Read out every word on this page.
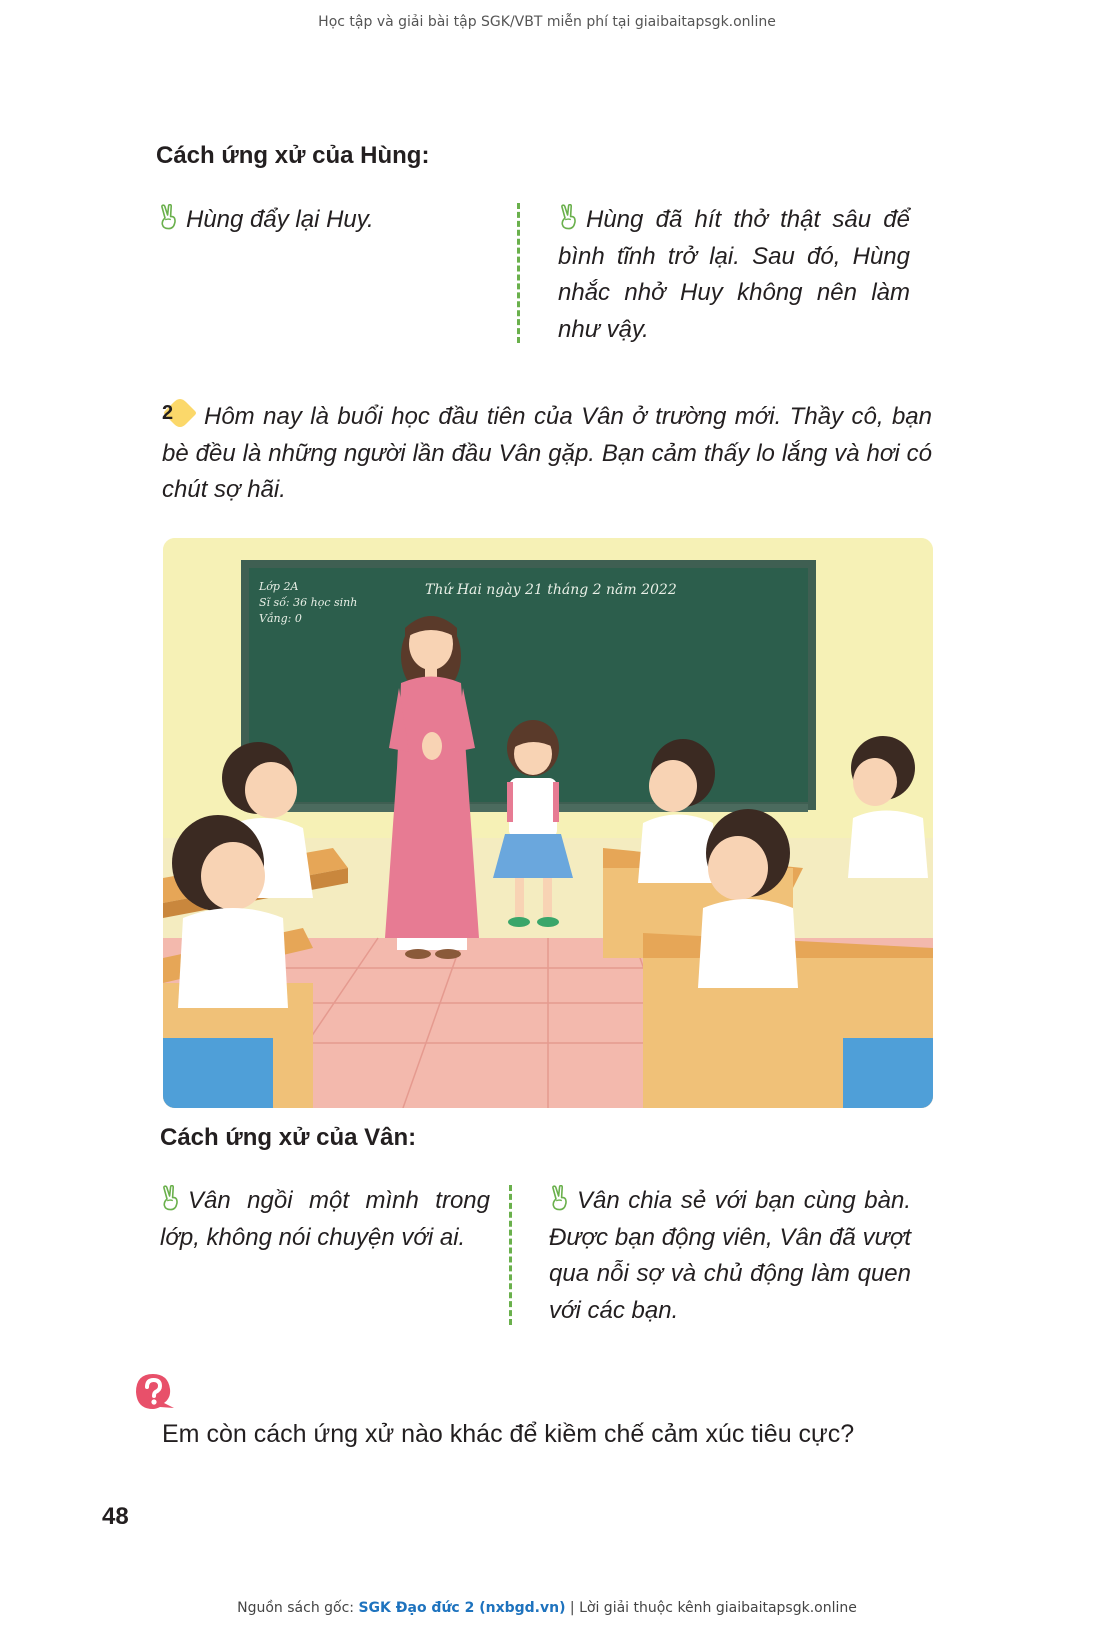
Học tập và giải bài tập SGK/VBT miễn phí tại giaibaitapsgk.online
Cách ứng xử của Hùng:
Hùng đẩy lại Huy.	Hùng đã hít thở thật sâu để bình tĩnh trở lại. Sau đó, Hùng nhắc nhở Huy không nên làm như vậy.
2	Hôm nay là buổi học đầu tiên của Vân ở trường mới. Thầy cô, bạn bè đều là những người lần đầu Vân gặp. Bạn cảm thấy lo lắng và hơi có chút sợ hãi.
Lớp 2A
Sĩ số: 36 học sinh
Vắng: 0
Thứ Hai ngày 21 tháng 2 năm 2022
Cách ứng xử của Vân:
Vân ngồi một mình trong lớp, không nói chuyện với ai.
Vân chia sẻ với bạn cùng bàn. Được bạn động viên, Vân đã vượt qua nỗi sợ và chủ động làm quen với các bạn.
Em còn cách ứng xử nào khác để kiềm chế cảm xúc tiêu cực?
48
Nguồn sách gốc: SGK Đạo đức 2 (nxbgd.vn) | Lời giải thuộc kênh giaibaitapsgk.online
